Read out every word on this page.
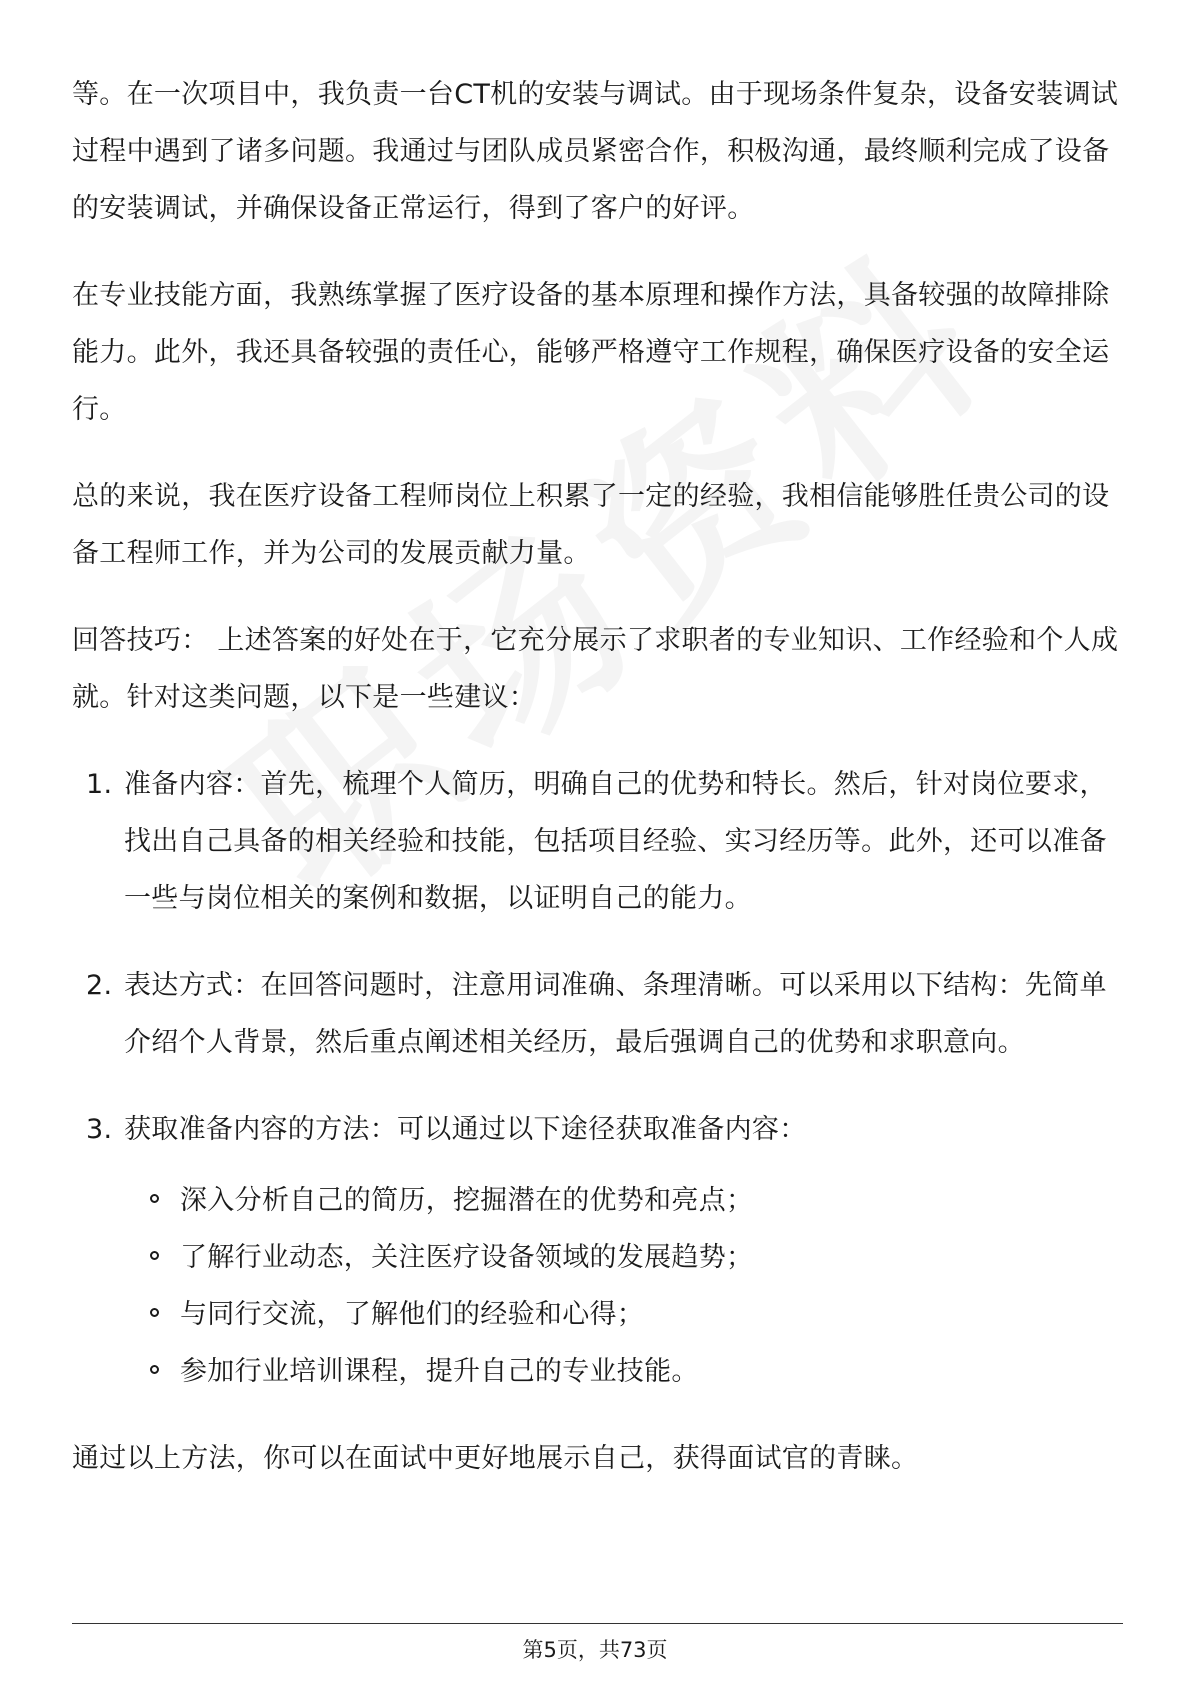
等。在一次项目中，我负责一台CT机的安装与调试。由于现场条件复杂，设备安装调试过程中遇到了诸多问题。我通过与团队成员紧密合作，积极沟通，最终顺利完成了设备的安装调试，并确保设备正常运行，得到了客户的好评。

在专业技能方面，我熟练掌握了医疗设备的基本原理和操作方法，具备较强的故障排除能力。此外，我还具备较强的责任心，能够严格遵守工作规程，确保医疗设备的安全运行。

总的来说，我在医疗设备工程师岗位上积累了一定的经验，我相信能够胜任贵公司的设备工程师工作，并为公司的发展贡献力量。

回答技巧： 上述答案的好处在于，它充分展示了求职者的专业知识、工作经验和个人成就。针对这类问题，以下是一些建议：

1. 准备内容：首先，梳理个人简历，明确自己的优势和特长。然后，针对岗位要求，找出自己具备的相关经验和技能，包括项目经验、实习经历等。此外，还可以准备一些与岗位相关的案例和数据，以证明自己的能力。
2. 表达方式：在回答问题时，注意用词准确、条理清晰。可以采用以下结构：先简单介绍个人背景，然后重点阐述相关经历，最后强调自己的优势和求职意向。
3. 获取准备内容的方法：可以通过以下途径获取准备内容：
深入分析自己的简历，挖掘潜在的优势和亮点；
了解行业动态，关注医疗设备领域的发展趋势；
与同行交流，了解他们的经验和心得；
参加行业培训课程，提升自己的专业技能。

通过以上方法，你可以在面试中更好地展示自己，获得面试官的青睐。

第5页，共73页
